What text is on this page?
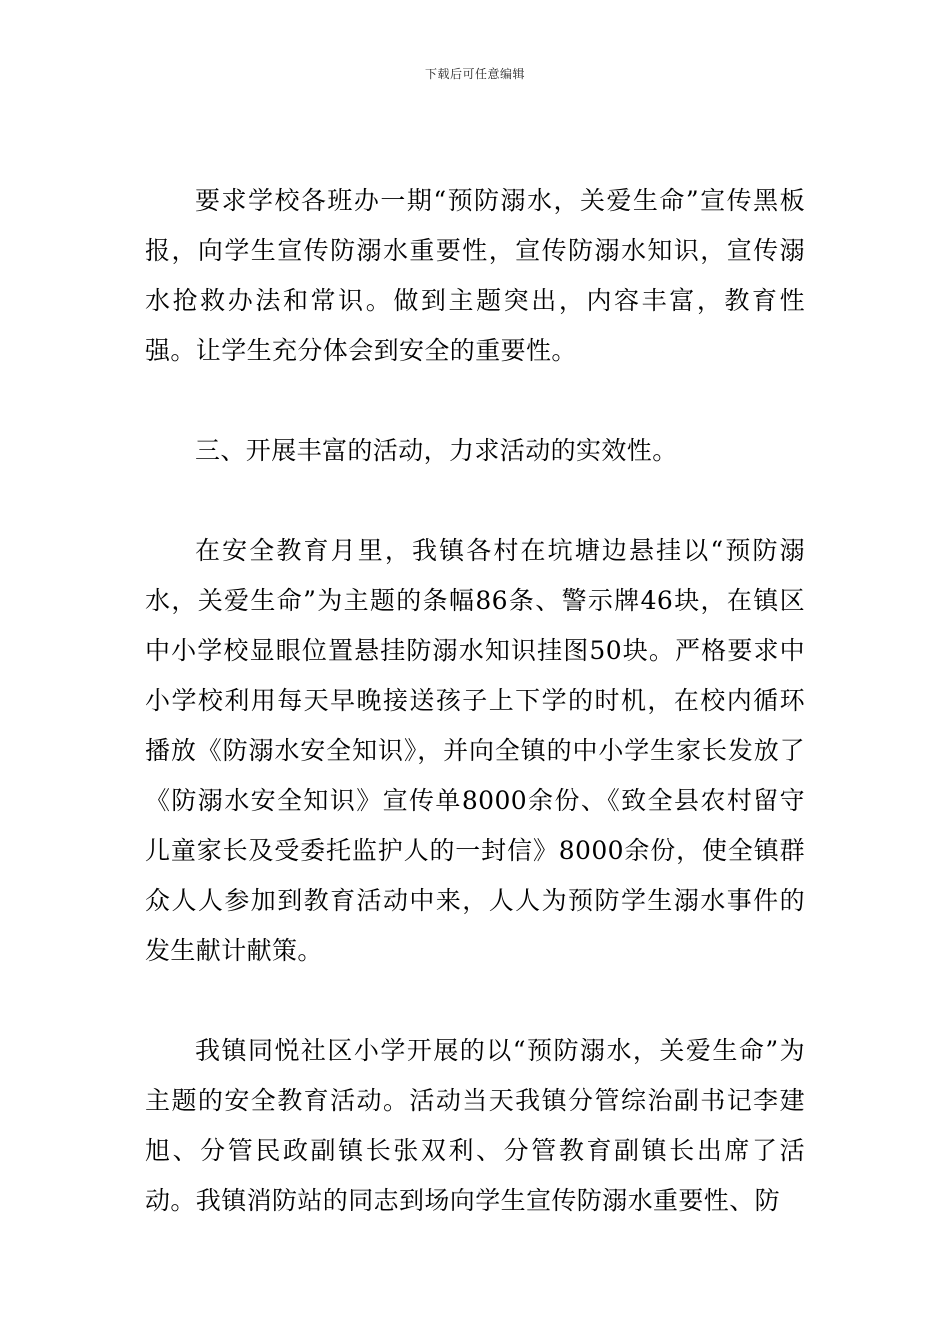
下载后可任意编辑

要求学校各班办一期“预防溺水，关爱生命”宣传黑板报，向学生宣传防溺水重要性，宣传防溺水知识，宣传溺水抢救办法和常识。做到主题突出，内容丰富，教育性强。让学生充分体会到安全的重要性。

三、开展丰富的活动，力求活动的实效性。

在安全教育月里，我镇各村在坑塘边悬挂以“预防溺水，关爱生命”为主题的条幅86条、警示牌46块，在镇区中小学校显眼位置悬挂防溺水知识挂图50块。严格要求中小学校利用每天早晚接送孩子上下学的时机，在校内循环播放《防溺水安全知识》，并向全镇的中小学生家长发放了《防溺水安全知识》宣传单8000余份、《致全县农村留守儿童家长及受委托监护人的一封信》8000余份，使全镇群众人人参加到教育活动中来，人人为预防学生溺水事件的发生献计献策。

我镇同悦社区小学开展的以“预防溺水，关爱生命”为主题的安全教育活动。活动当天我镇分管综治副书记李建旭、分管民政副镇长张双利、分管教育副镇长出席了活动。我镇消防站的同志到场向学生宣传防溺水重要性、防
